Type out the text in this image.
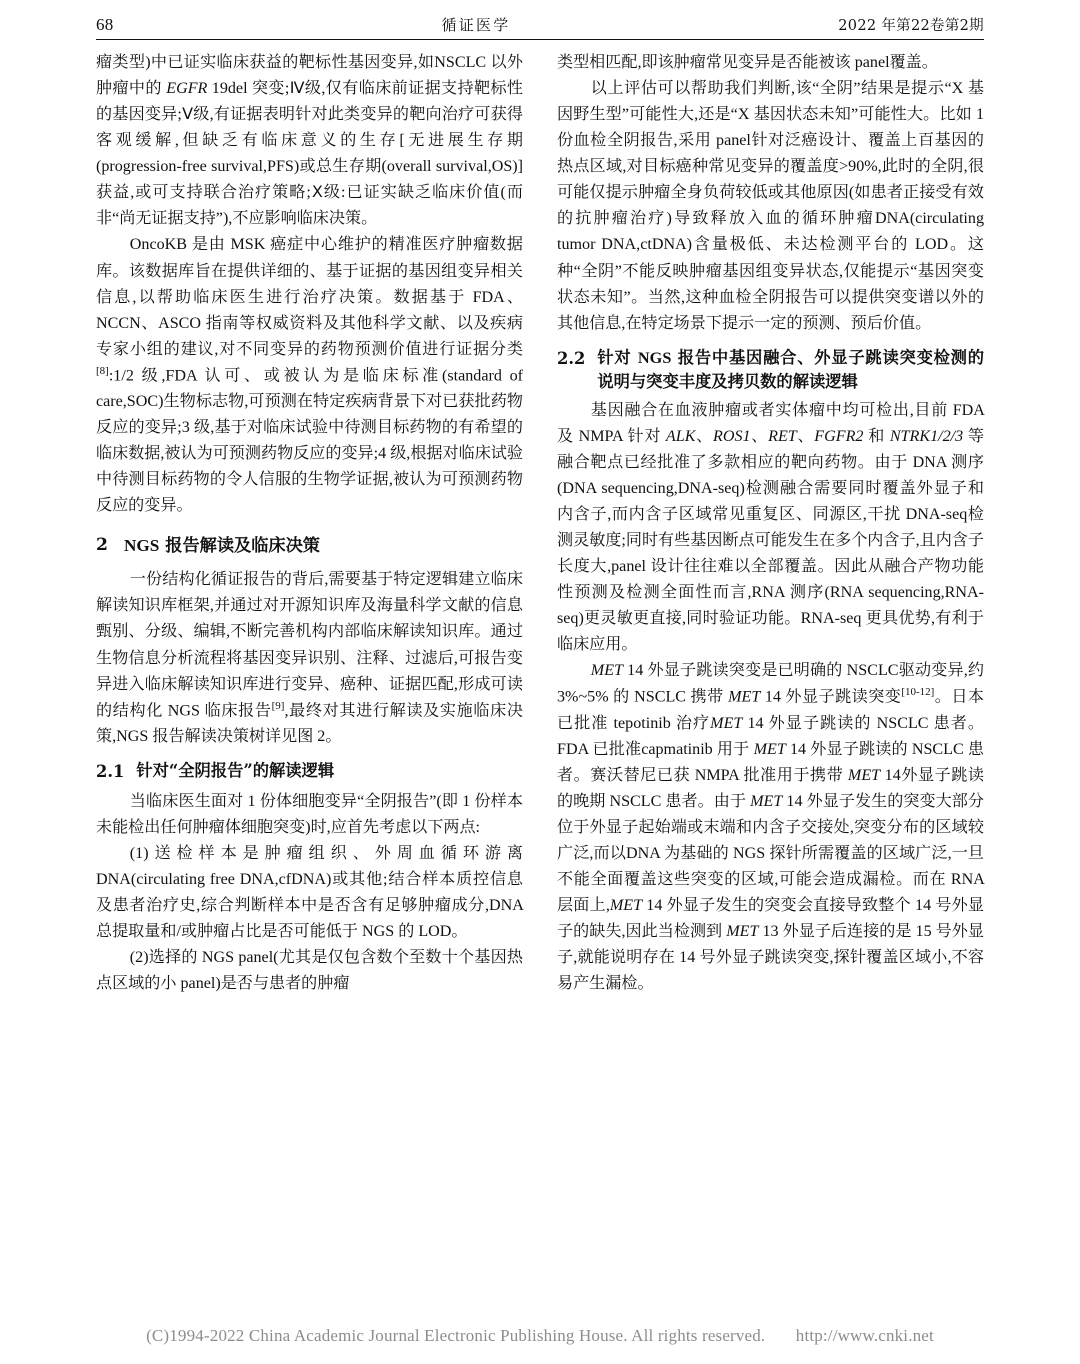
68	循证医学	2022 年第22卷第2期

瘤类型)中已证实临床获益的靶标性基因变异,如NSCLC 以外肿瘤中的 EGFR 19del 突变;Ⅳ级,仅有临床前证据支持靶标性的基因变异;Ⅴ级,有证据表明针对此类变异的靶向治疗可获得客观缓解,但缺乏有临床意义的生存[无进展生存期(progression-free survival,PFS)或总生存期(overall survival,OS)]获益,或可支持联合治疗策略;Ⅹ级:已证实缺乏临床价值(而非“尚无证据支持”),不应影响临床决策。

OncoKB 是由 MSK 癌症中心维护的精准医疗肿瘤数据库。该数据库旨在提供详细的、基于证据的基因组变异相关信息,以帮助临床医生进行治疗决策。数据基于 FDA、NCCN、ASCO 指南等权威资料及其他科学文献、以及疾病专家小组的建议,对不同变异的药物预测价值进行证据分类[8]:1/2 级,FDA 认可、或被认为是临床标准(standard of care,SOC)生物标志物,可预测在特定疾病背景下对已获批药物反应的变异;3 级,基于对临床试验中待测目标药物的有希望的临床数据,被认为可预测药物反应的变异;4 级,根据对临床试验中待测目标药物的令人信服的生物学证据,被认为可预测药物反应的变异。

2 NGS 报告解读及临床决策

一份结构化循证报告的背后,需要基于特定逻辑建立临床解读知识库框架,并通过对开源知识库及海量科学文献的信息甄别、分级、编辑,不断完善机构内部临床解读知识库。通过生物信息分析流程将基因变异识别、注释、过滤后,可报告变异进入临床解读知识库进行变异、癌种、证据匹配,形成可读的结构化 NGS 临床报告[9],最终对其进行解读及实施临床决策,NGS 报告解读决策树详见图 2。

2.1 针对“全阴报告”的解读逻辑

当临床医生面对 1 份体细胞变异“全阴报告”(即 1 份样本未能检出任何肿瘤体细胞突变)时,应首先考虑以下两点:

(1)送检样本是肿瘤组织、外周血循环游离DNA(circulating free DNA,cfDNA)或其他;结合样本质控信息及患者治疗史,综合判断样本中是否含有足够肿瘤成分,DNA 总提取量和/或肿瘤占比是否可能低于 NGS 的 LOD。

(2)选择的 NGS panel(尤其是仅包含数个至数十个基因热点区域的小 panel)是否与患者的肿瘤

类型相匹配,即该肿瘤常见变异是否能被该 panel覆盖。

以上评估可以帮助我们判断,该“全阴”结果是提示“X 基因野生型”可能性大,还是“X 基因状态未知”可能性大。比如 1 份血检全阴报告,采用 panel针对泛癌设计、覆盖上百基因的热点区域,对目标癌种常见变异的覆盖度>90%,此时的全阴,很可能仅提示肿瘤全身负荷较低或其他原因(如患者正接受有效的抗肿瘤治疗)导致释放入血的循环肿瘤DNA(circulating tumor DNA,ctDNA)含量极低、未达检测平台的 LOD。这种“全阴”不能反映肿瘤基因组变异状态,仅能提示“基因突变状态未知”。当然,这种血检全阴报告可以提供突变谱以外的其他信息,在特定场景下提示一定的预测、预后价值。

2.2 针对 NGS 报告中基因融合、外显子跳读突变检测的说明与突变丰度及拷贝数的解读逻辑

基因融合在血液肿瘤或者实体瘤中均可检出,目前 FDA 及 NMPA 针对 ALK、ROS1、RET、FGFR2 和 NTRK1/2/3 等融合靶点已经批准了多款相应的靶向药物。由于 DNA 测序(DNA sequencing,DNA-seq)检测融合需要同时覆盖外显子和内含子,而内含子区域常见重复区、同源区,干扰 DNA-seq检测灵敏度;同时有些基因断点可能发生在多个内含子,且内含子长度大,panel 设计往往难以全部覆盖。因此从融合产物功能性预测及检测全面性而言,RNA 测序(RNA sequencing,RNA-seq)更灵敏更直接,同时验证功能。RNA-seq 更具优势,有利于临床应用。

MET 14 外显子跳读突变是已明确的 NSCLC驱动变异,约 3%~5% 的 NSCLC 携带 MET 14 外显子跳读突变[10-12]。日本已批准 tepotinib 治疗MET 14 外显子跳读的 NSCLC 患者。FDA 已批准capmatinib 用于 MET 14 外显子跳读的 NSCLC 患者。赛沃替尼已获 NMPA 批准用于携带 MET 14外显子跳读的晚期 NSCLC 患者。由于 MET 14 外显子发生的突变大部分位于外显子起始端或末端和内含子交接处,突变分布的区域较广泛,而以DNA 为基础的 NGS 探针所需覆盖的区域广泛,一旦不能全面覆盖这些突变的区域,可能会造成漏检。而在 RNA 层面上,MET 14 外显子发生的突变会直接导致整个 14 号外显子的缺失,因此当检测到 MET 13 外显子后连接的是 15 号外显子,就能说明存在 14 号外显子跳读突变,探针覆盖区域小,不容易产生漏检。

(C)1994-2022 China Academic Journal Electronic Publishing House. All rights reserved. http://www.cnki.net
